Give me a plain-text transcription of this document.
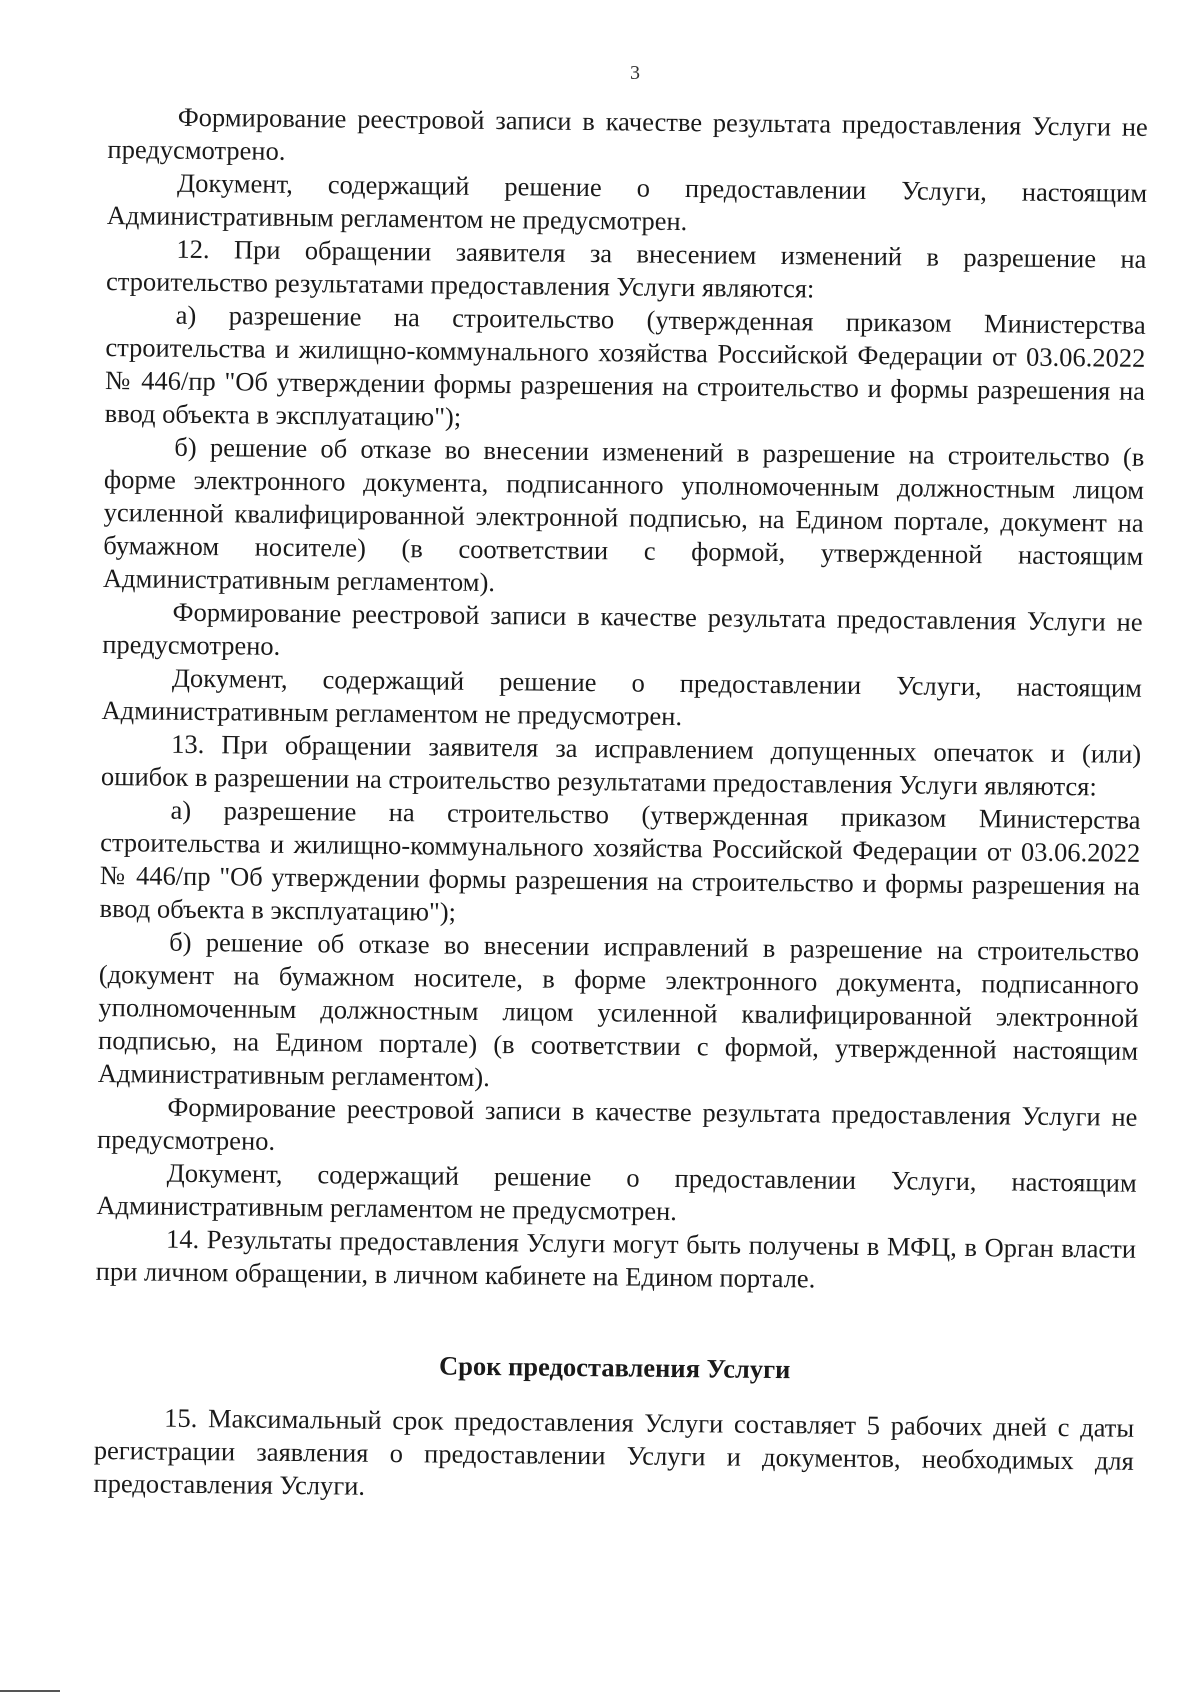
3

Формирование реестровой записи в качестве результата предоставления Услуги не предусмотрено.

Документ, содержащий решение о предоставлении Услуги, настоящим Административным регламентом не предусмотрен.

12. При обращении заявителя за внесением изменений в разрешение на строительство результатами предоставления Услуги являются:

а) разрешение на строительство (утвержденная приказом Министерства строительства и жилищно-коммунального хозяйства Российской Федерации от 03.06.2022 № 446/пр "Об утверждении формы разрешения на строительство и формы разрешения на ввод объекта в эксплуатацию");

б) решение об отказе во внесении изменений в разрешение на строительство (в форме электронного документа, подписанного уполномоченным должностным лицом усиленной квалифицированной электронной подписью, на Едином портале, документ на бумажном носителе) (в соответствии с формой, утвержденной настоящим Административным регламентом).

Формирование реестровой записи в качестве результата предоставления Услуги не предусмотрено.

Документ, содержащий решение о предоставлении Услуги, настоящим Административным регламентом не предусмотрен.

13. При обращении заявителя за исправлением допущенных опечаток и (или) ошибок в разрешении на строительство результатами предоставления Услуги являются:

а) разрешение на строительство (утвержденная приказом Министерства строительства и жилищно-коммунального хозяйства Российской Федерации от 03.06.2022 № 446/пр "Об утверждении формы разрешения на строительство и формы разрешения на ввод объекта в эксплуатацию");

б) решение об отказе во внесении исправлений в разрешение на строительство (документ на бумажном носителе, в форме электронного документа, подписанного уполномоченным должностным лицом усиленной квалифицированной электронной подписью, на Едином портале) (в соответствии с формой, утвержденной настоящим Административным регламентом).

Формирование реестровой записи в качестве результата предоставления Услуги не предусмотрено.

Документ, содержащий решение о предоставлении Услуги, настоящим Административным регламентом не предусмотрен.

14. Результаты предоставления Услуги могут быть получены в МФЦ, в Орган власти при личном обращении, в личном кабинете на Едином портале.

Срок предоставления Услуги

15. Максимальный срок предоставления Услуги составляет 5 рабочих дней с даты регистрации заявления о предоставлении Услуги и документов, необходимых для предоставления Услуги.
